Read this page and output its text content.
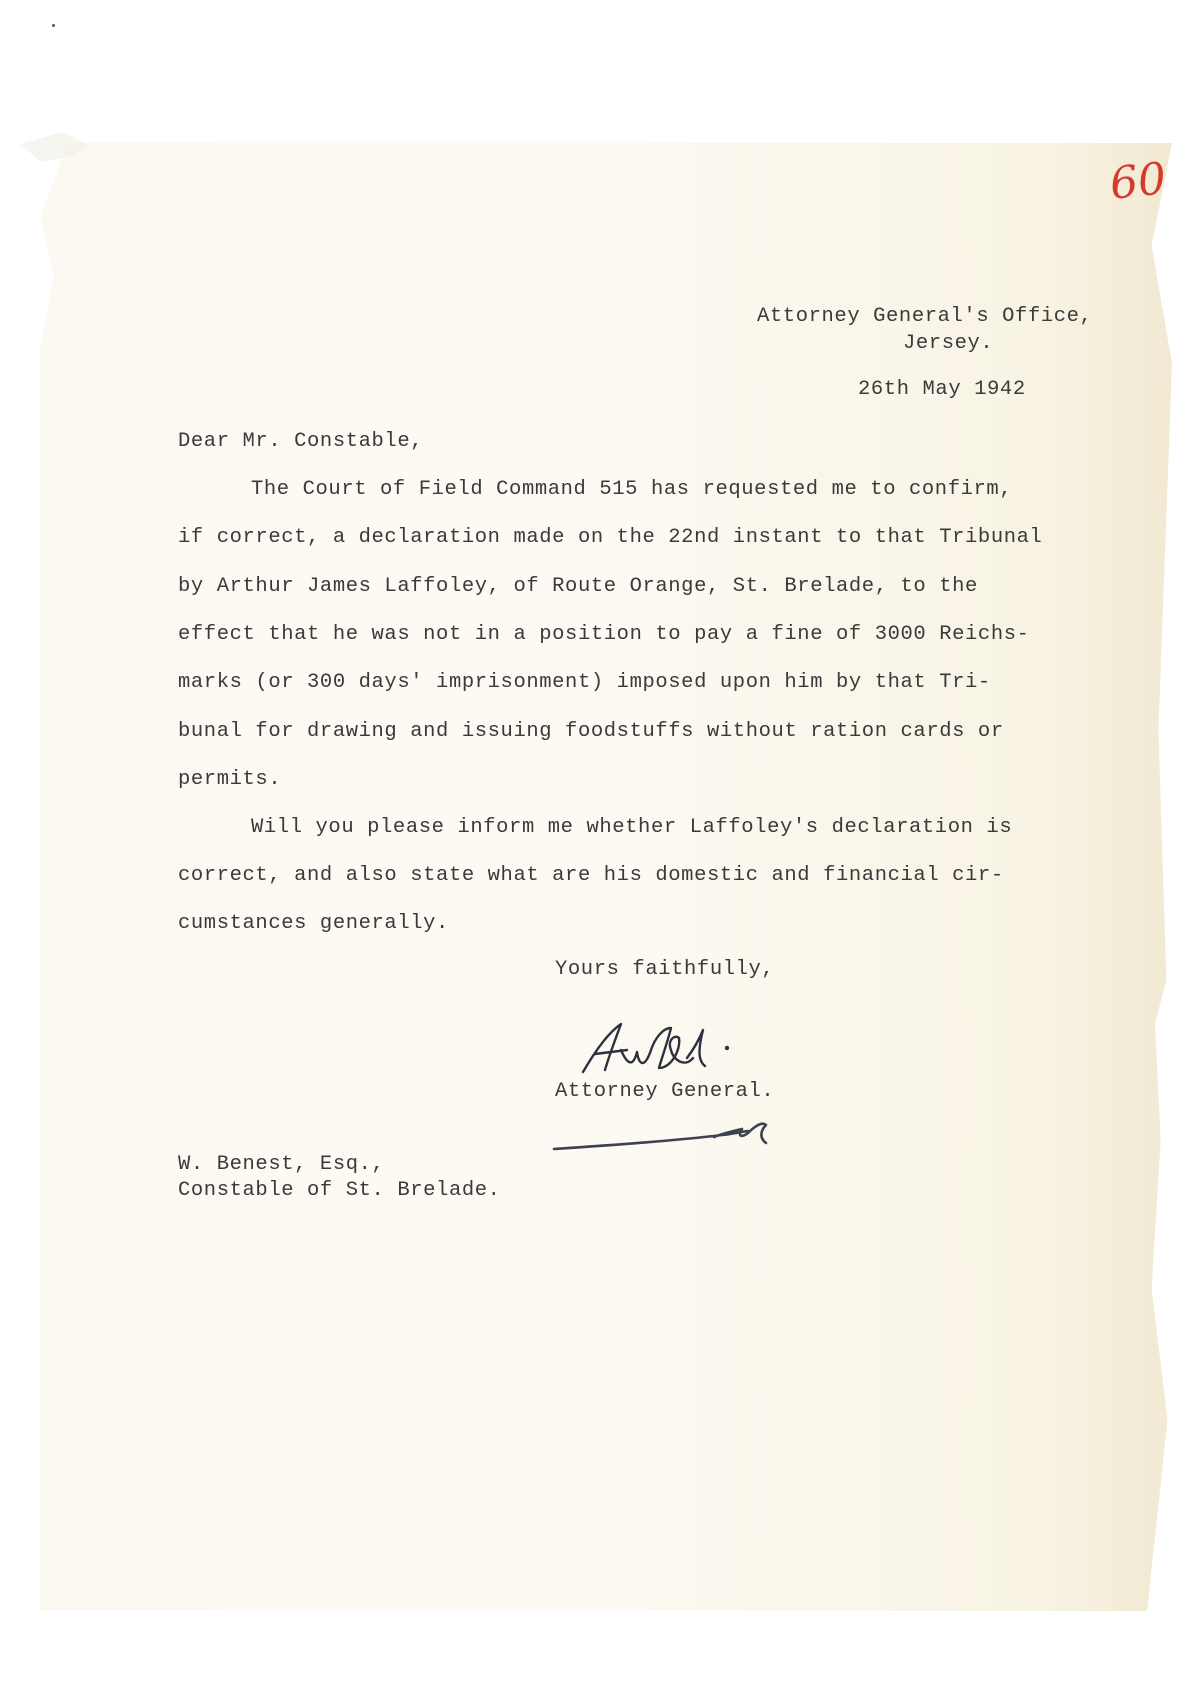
60

Attorney General's Office,

Jersey.

26th May 1942

Dear Mr. Constable,

The Court of Field Command 515 has requested me to confirm,

if correct, a declaration made on the 22nd instant to that Tribunal

by Arthur James Laffoley, of Route Orange, St. Brelade, to the

effect that he was not in a position to pay a fine of 3000 Reichs-

marks (or 300 days' imprisonment) imposed upon him by that Tri-

bunal for drawing and issuing foodstuffs without ration cards or

permits.

Will you please inform me whether Laffoley's declaration is

correct, and also state what are his domestic and financial cir-

cumstances generally.

Yours faithfully,

Attorney General.

W. Benest, Esq.,

Constable of St. Brelade.
